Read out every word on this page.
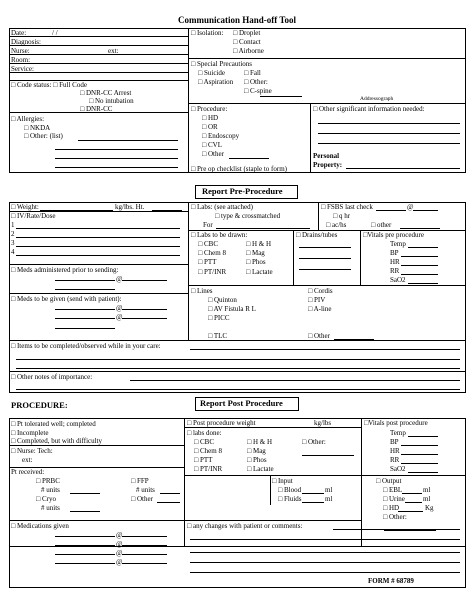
Communication Hand-off Tool
Date:	/ /
Diagnosis:
Nurse:	ext:
Room:
Service:
□ Code status: □ Full Code
□ DNR-CC Arrest
□ No intubation
□ DNR-CC
□ Allergies:
□ NKDA
□ Other: (list)
□ Isolation: □ Droplet
□ Contact
□ Airborne
□ Special Precautions
□ Suicide	□ Fall
□ Aspiration □ Other:
□ C-spine
□ Procedure:
□ HD
□ OR
□ Endoscopy
□ CVL
□ Other
□ Pre op checklist (staple to form)
Addressograph
□ Other significant information needed:
Personal
Property:
Report Pre-Procedure
□ Weight:	kg/lbs. Ht.
□ IV/Rate/Dose
1
2
3
4
□ Labs: (see attached)
□ type & crossmatched
For
□ FSBS last check	@
□ q hr
□ ac/hs	□ other
□ Meds administered prior to sending:
@
□ Meds to be given (send with patient):
@
@
□ Labs to be drawn:
□ CBC	□ H & H
□ Chem 8	□ Mag
□ PTT	□ Phos
□ PT/INR	□ Lactate
□ Drains/tubes	□Vitals pre procedure
Temp
BP
HR
RR
SaO2
□ Lines
□ Quinton
□ AV Fistula R L
□ PICC
□ TLC
□ Cordis
□ PIV
□ A-line
□ Other
□ Items to be completed/observed while in your care:
□ Other notes of importance:
PROCEDURE:	Report Post Procedure
□ Pt tolerated well; completed
□ Incomplete
□ Completed, but with difficulty
□ Nurse: Tech:
ext:
Pt received:
□ PRBC
# units
□ Cryo
# units
□ FFP
# units
□ Other
□ Post procedure weight	kg/lbs
□ labs done:
□ CBC	□ H & H	□ Other:
□ Chem 8	□ Mag
□ PTT	□ Phos
□ PT/INR	□ Lactate
□ Input
□ Blood	ml
□ Fluids	ml
□Vitals post procedure
Temp
BP
HR
RR
SaO2
□ Output
□ EBL	ml
□ Urine	ml
□ HD	Kg
□ Other:
□ Medications given
@
@
@
@
□ any changes with patient or comments:
FORM # 68789
